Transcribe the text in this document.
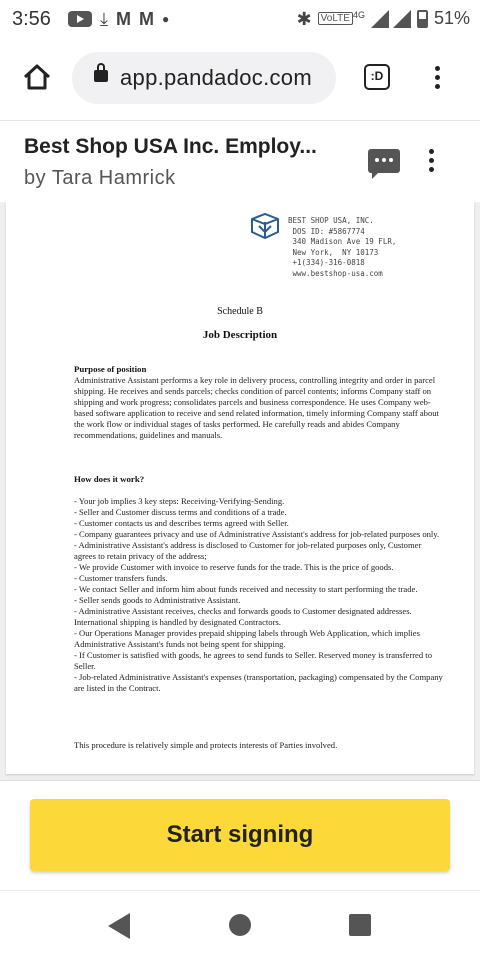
3:56	⤓ M M ●	✱ VoLTE 4G	51%
app.pandadoc.com	:D
Best Shop USA Inc. Employ...
by Tara Hamrick
BEST SHOP USA, INC.
DOS ID: #5867774
340 Madison Ave 19 FLR,
New York,  NY 10173
+1(334)-316-0818
www.bestshop-usa.com
Schedule B
Job Description
Purpose of position
Administrative Assistant performs a key role in delivery process, controlling integrity and order in parcel shipping. He receives and sends parcels; checks condition of parcel contents; informs Company staff on shipping and work progress; consolidates parcels and business correspondence. He uses Company web-based software application to receive and send related information, timely informing Company staff about the work flow or individual stages of tasks performed. He carefully reads and abides Company recommendations, guidelines and manuals.
How does it work?
- Your job implies 3 key steps: Receiving-Verifying-Sending.
- Seller and Customer discuss terms and conditions of a trade.
- Customer contacts us and describes terms agreed with Seller.
- Company guarantees privacy and use of Administrative Assistant's address for job-related purposes only.
- Administrative Assistant's address is disclosed to Customer for job-related purposes only, Customer agrees to retain privacy of the address;
- We provide Customer with invoice to reserve funds for the trade. This is the price of goods.
- Customer transfers funds.
- We contact Seller and inform him about funds received and necessity to start performing the trade.
- Seller sends goods to Administrative Assistant.
- Administrative Assistant receives, checks and forwards goods to Customer designated addresses. International shipping is handled by designated Contractors.
- Our Operations Manager provides prepaid shipping labels through Web Application, which implies Administrative Assistant's funds not being spent for shipping.
- If Customer is satisfied with goods, he agrees to send funds to Seller. Reserved money is transferred to Seller.
- Job-related Administrative Assistant's expenses (transportation, packaging) compensated by the Company are listed in the Contract.
This procedure is relatively simple and protects interests of Parties involved.
Start signing
